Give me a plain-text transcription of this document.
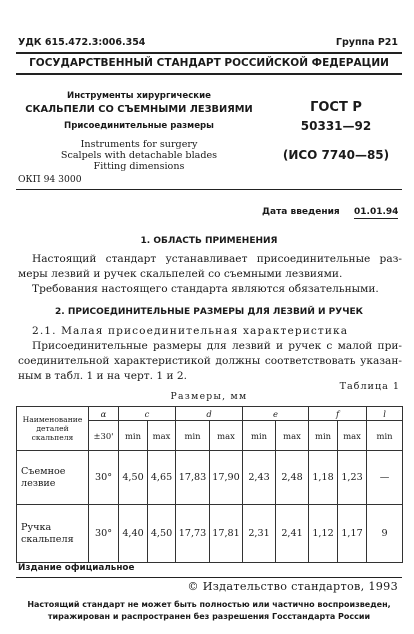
УДК 615.472.3:006.354	Группа Р21
ГОСУДАРСТВЕННЫЙ СТАНДАРТ РОССИЙСКОЙ ФЕДЕРАЦИИ
Инструменты хирургические
СКАЛЬПЕЛИ СО СЪЕМНЫМИ ЛЕЗВИЯМИ
Присоединительные размеры
Instruments for surgery
Scalpels with detachable blades
Fitting dimensions
ГОСТ Р
50331—92
(ИСО 7740—85)
ОКП 94 3000
Дата введения 01.01.94
1. ОБЛАСТЬ ПРИМЕНЕНИЯ
Настоящий стандарт устанавливает присоединительные раз-
меры лезвий и ручек скальпелей со съемными лезвиями.
Требования настоящего стандарта являются обязательными.
2. ПРИСОЕДИНИТЕЛЬНЫЕ РАЗМЕРЫ ДЛЯ ЛЕЗВИЙ И РУЧЕК
2.1. Малая присоединительная характеристика
Присоединительные размеры для лезвий и ручек с малой при-
соединительной характеристикой должны соответствовать указан-
ным в табл. 1 и на черт. 1 и 2.
Таблица 1
Размеры, мм
Наименование деталей скальпеля	α	c		d		e		f		l
	±30'	min	max	min	max	min	max	min	max	min
Съемное
лезвие	30°	4,50	4,65	17,83	17,90	2,43	2,48	1,18	1,23	—
Ручка
скальпеля	30°	4,40	4,50	17,73	17,81	2,31	2,41	1,12	1,17	9
Издание официальное
© Издательство стандартов, 1993
Настоящий стандарт не может быть полностью или частично воспроизведен,
тиражирован и распространен без разрешения Госстандарта России
